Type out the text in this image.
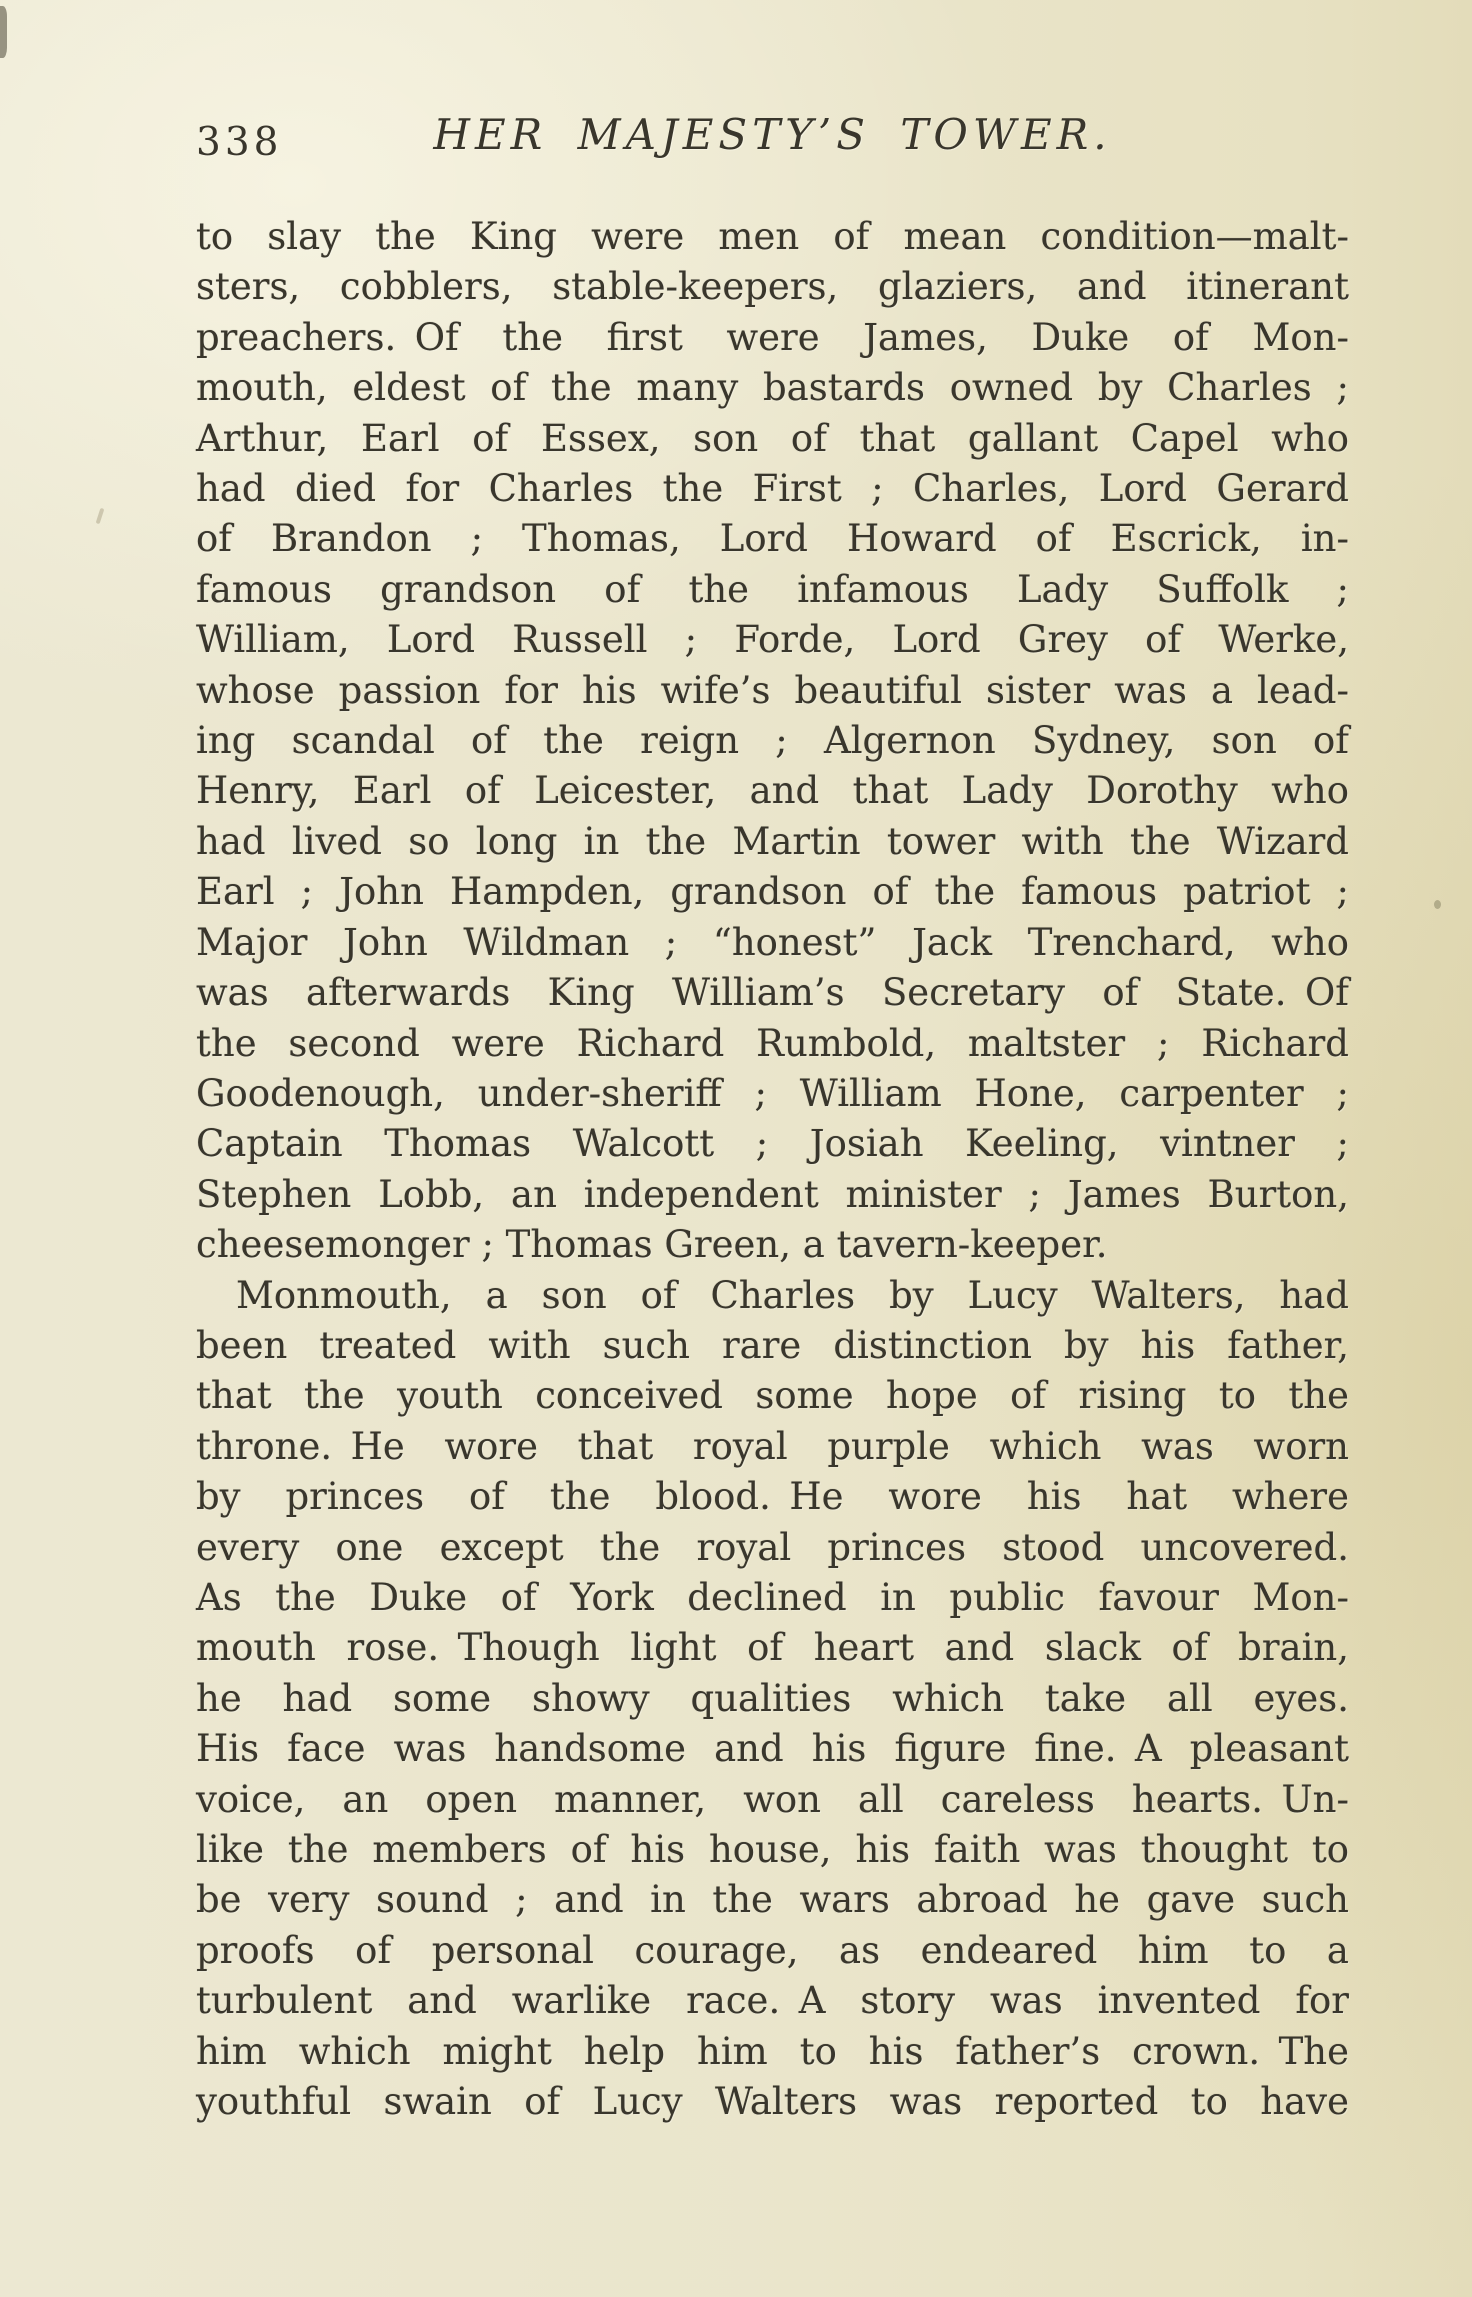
338	HER MAJESTY’S TOWER.
to slay the King were men of mean condition—malt-
sters, cobblers, stable-keepers, glaziers, and itinerant
preachers. Of the first were James, Duke of Mon-
mouth, eldest of the many bastards owned by Charles ;
Arthur, Earl of Essex, son of that gallant Capel who
had died for Charles the First ; Charles, Lord Gerard
of Brandon ; Thomas, Lord Howard of Escrick, in-
famous grandson of the infamous Lady Suffolk ;
William, Lord Russell ; Forde, Lord Grey of Werke,
whose passion for his wife’s beautiful sister was a lead-
ing scandal of the reign ; Algernon Sydney, son of
Henry, Earl of Leicester, and that Lady Dorothy who
had lived so long in the Martin tower with the Wizard
Earl ; John Hampden, grandson of the famous patriot ;
Major John Wildman ; “honest” Jack Trenchard, who
was afterwards King William’s Secretary of State. Of
the second were Richard Rumbold, maltster ; Richard
Goodenough, under-sheriff ; William Hone, carpenter ;
Captain Thomas Walcott ; Josiah Keeling, vintner ;
Stephen Lobb, an independent minister ; James Burton,
cheesemonger ; Thomas Green, a tavern-keeper.
Monmouth, a son of Charles by Lucy Walters, had
been treated with such rare distinction by his father,
that the youth conceived some hope of rising to the
throne. He wore that royal purple which was worn
by princes of the blood. He wore his hat where
every one except the royal princes stood uncovered.
As the Duke of York declined in public favour Mon-
mouth rose. Though light of heart and slack of brain,
he had some showy qualities which take all eyes.
His face was handsome and his figure fine. A pleasant
voice, an open manner, won all careless hearts. Un-
like the members of his house, his faith was thought to
be very sound ; and in the wars abroad he gave such
proofs of personal courage, as endeared him to a
turbulent and warlike race. A story was invented for
him which might help him to his father’s crown. The
youthful swain of Lucy Walters was reported to have
